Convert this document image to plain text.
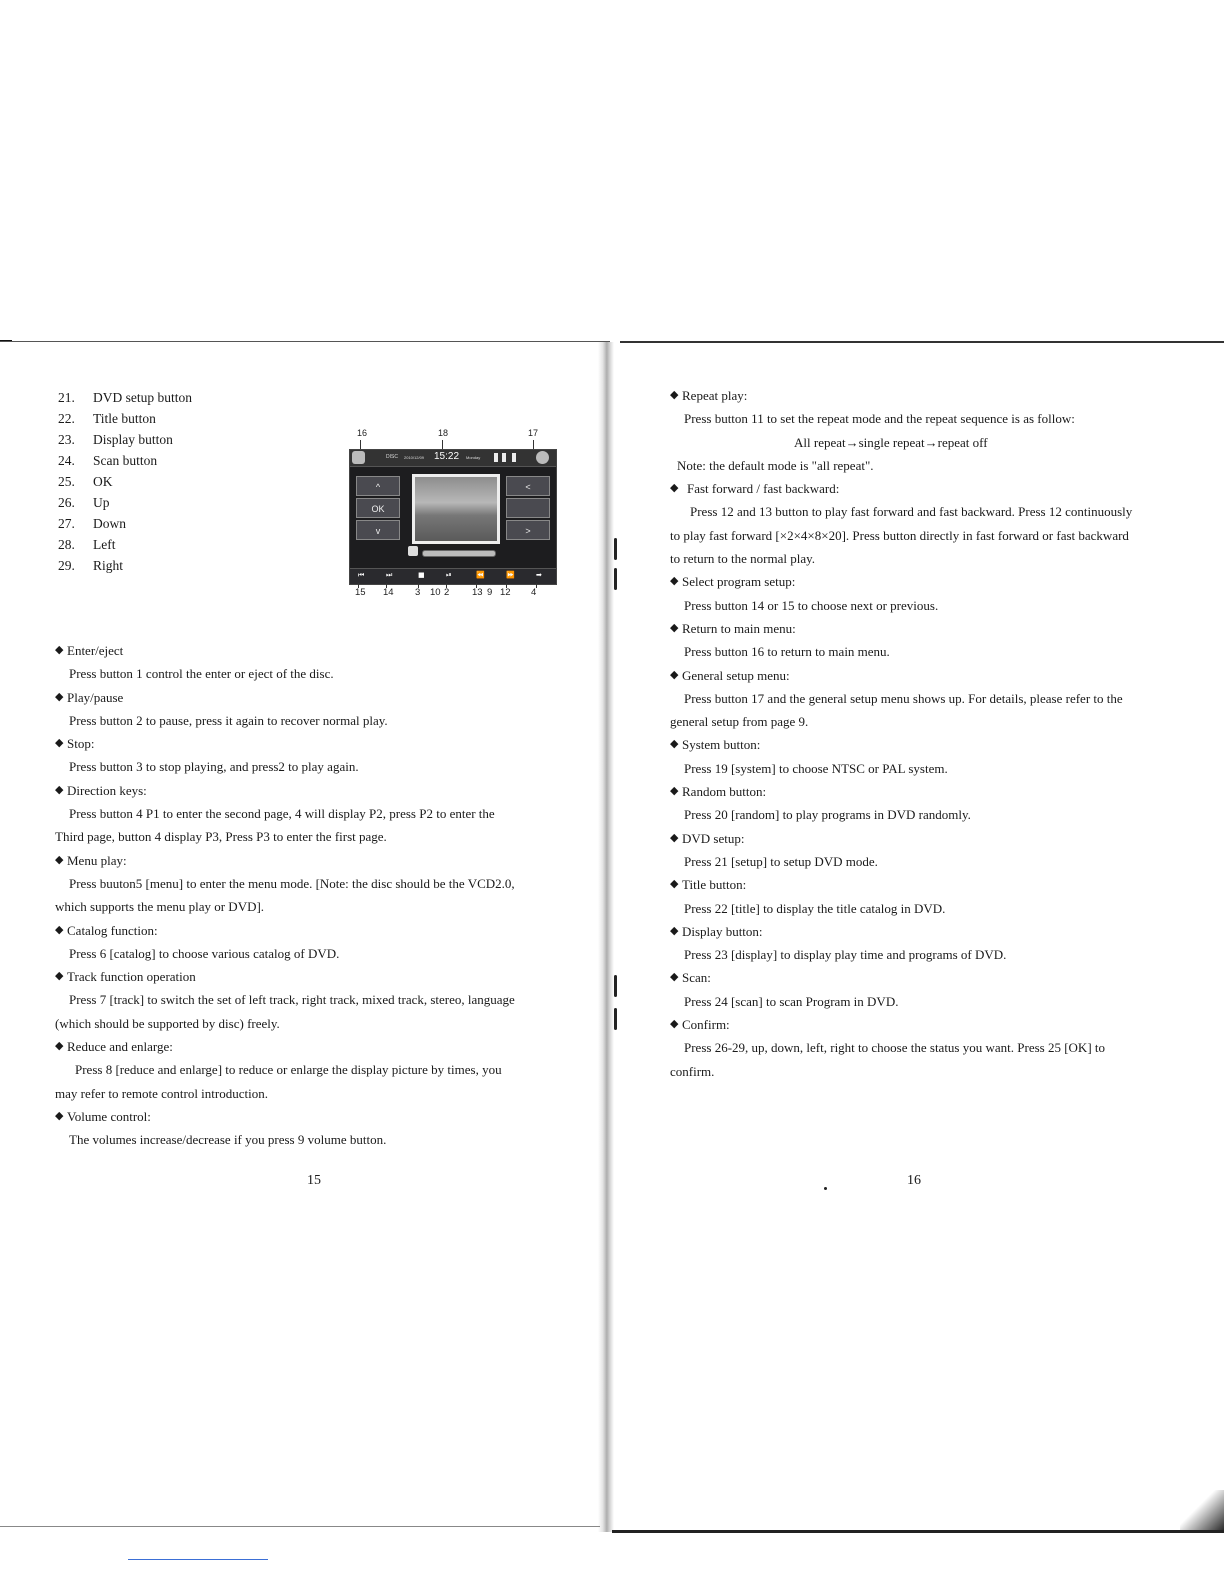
21.	DVD setup button
22.	Title button
23.	Display button
24.	Scan button
25.	OK
26.	Up
27.	Down
28.	Left
29.	Right
16	18	17
DISC 2010/12/09 15:22 Monday
^
OK
v
<
>
⏮	⏭	■	⏯	⏪	⏩	➡
15 14 3 10 2 13 9 12 4

◆ Enter/eject

Press button 1 control the enter or eject of the disc.

◆ Play/pause

Press button 2 to pause, press it again to recover normal play.

◆ Stop:

Press button 3 to stop playing, and press2 to play again.

◆ Direction keys:

Press button 4 P1 to enter the second page, 4 will display P2, press P2 to enter the

Third page, button 4 display P3, Press P3 to enter the first page.

◆ Menu play:

Press buuton5 [menu] to enter the menu mode. [Note: the disc should be the VCD2.0,

which supports the menu play or DVD].

◆ Catalog function:

Press 6 [catalog] to choose various catalog of DVD.

◆ Track function operation

Press 7 [track] to switch the set of left track, right track, mixed track, stereo, language

(which should be supported by disc) freely.

◆ Reduce and enlarge:

Press 8 [reduce and enlarge] to reduce or enlarge the display picture by times, you

may refer to remote control introduction.

◆ Volume control:

The volumes increase/decrease if you press 9 volume button.

15

◆ Repeat play:

Press button 11 to set the repeat mode and the repeat sequence is as follow:

All repeat→single repeat→repeat off

Note: the default mode is "all repeat".

◆ Fast forward / fast backward:

Press 12 and 13 button to play fast forward and fast backward. Press 12 continuously

to play fast forward [×2×4×8×20]. Press button directly in fast forward or fast backward

to return to the normal play.

◆ Select program setup:

Press button 14 or 15 to choose next or previous.

◆ Return to main menu:

Press button 16 to return to main menu.

◆ General setup menu:

Press button 17 and the general setup menu shows up. For details, please refer to the

general setup from page 9.

◆ System button:

Press 19 [system] to choose NTSC or PAL system.

◆ Random button:

Press 20 [random] to play programs in DVD randomly.

◆ DVD setup:

Press 21 [setup] to setup DVD mode.

◆ Title button:

Press 22 [title] to display the title catalog in DVD.

◆ Display button:

Press 23 [display] to display play time and programs of DVD.

◆ Scan:

Press 24 [scan] to scan Program in DVD.

◆ Confirm:

Press 26-29, up, down, left, right to choose the status you want. Press 25 [OK] to

confirm.

16
